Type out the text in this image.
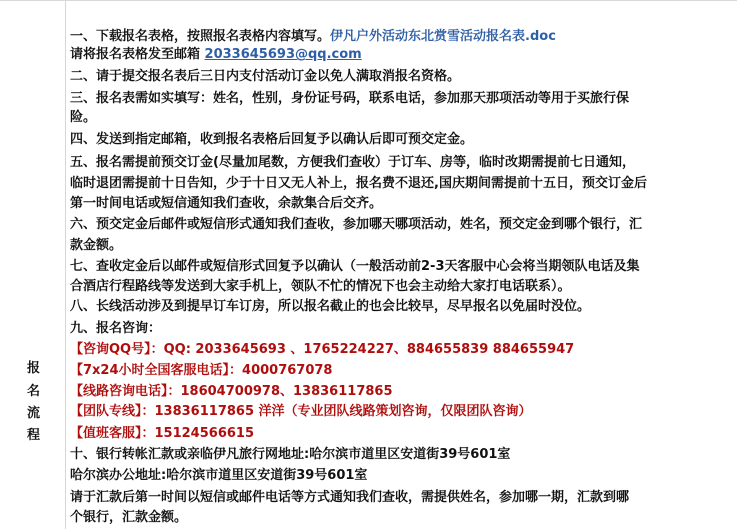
报
名
流
程
一、下载报名表格，按照报名表格内容填写。伊凡户外活动东北赏雪活动报名表.doc
请将报名表格发至邮箱 2033645693@qq.com
二、请于提交报名表后三日内支付活动订金以免人满取消报名资格。
三、报名表需如实填写：姓名，性别，身份证号码，联系电话，参加那天那项活动等用于买旅行保
险。
四、发送到指定邮箱，收到报名表格后回复予以确认后即可预交定金。
五、报名需提前预交订金(尽量加尾数，方便我们查收）于订车、房等，临时改期需提前七日通知，
临时退团需提前十日告知，少于十日又无人补上，报名费不退还,国庆期间需提前十五日，预交订金后
第一时间电话或短信通知我们查收，余款集合后交齐。
六、预交定金后邮件或短信形式通知我们查收，参加哪天哪项活动，姓名，预交定金到哪个银行，汇
款金额。
七、查收定金后以邮件或短信形式回复予以确认（一般活动前2-3天客服中心会将当期领队电话及集
合酒店行程路线等发送到大家手机上，领队不忙的情况下也会主动给大家打电话联系）。
八、长线活动涉及到提早订车订房，所以报名截止的也会比较早，尽早报名以免届时没位。
九、报名咨询：
【咨询QQ号】：QQ: 2033645693 、1765224227、884655839 884655947
【7x24小时全国客服电话】：4000767078
【线路咨询电话】：18604700978、13836117865
【团队专线】：13836117865 洋洋（专业团队线路策划咨询，仅限团队咨询）
【值班客服】：15124566615
十、银行转帐汇款或亲临伊凡旅行网地址:哈尔滨市道里区安道街39号601室
哈尔滨办公地址:哈尔滨市道里区安道街39号601室
请于汇款后第一时间以短信或邮件电话等方式通知我们查收，需提供姓名，参加哪一期，汇款到哪
个银行，汇款金额。
